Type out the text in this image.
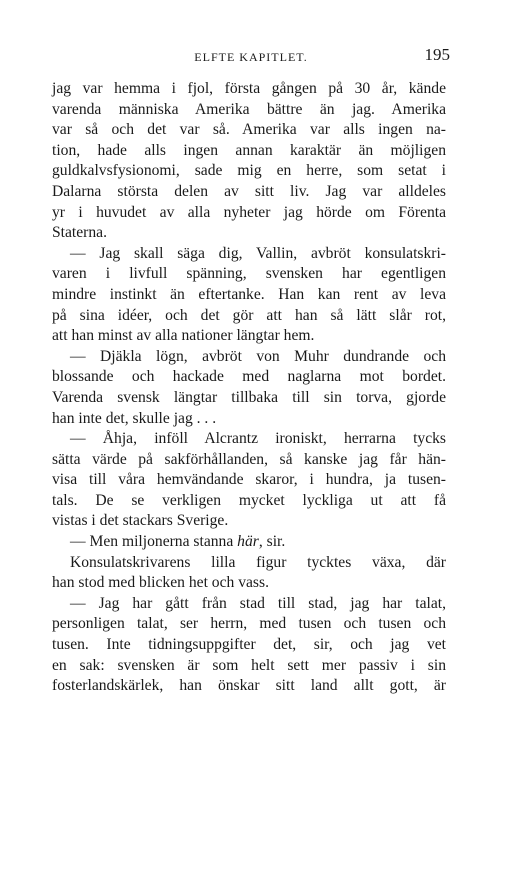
ELFTE KAPITLET.	195
jag var hemma i fjol, första gången på 30 år, kände
varenda människa Amerika bättre än jag. Amerika
var så och det var så. Amerika var alls ingen na-
tion, hade alls ingen annan karaktär än möjligen
guldkalvsfysionomi, sade mig en herre, som setat i
Dalarna största delen av sitt liv. Jag var alldeles
yr i huvudet av alla nyheter jag hörde om Förenta
Staterna.
— Jag skall säga dig, Vallin, avbröt konsulatskri-
varen i livfull spänning, svensken har egentligen
mindre instinkt än eftertanke. Han kan rent av leva
på sina idéer, och det gör att han så lätt slår rot,
att han minst av alla nationer längtar hem.
— Djäkla lögn, avbröt von Muhr dundrande och
blossande och hackade med naglarna mot bordet.
Varenda svensk längtar tillbaka till sin torva, gjorde
han inte det, skulle jag . . .
— Åhja, inföll Alcrantz ironiskt, herrarna tycks
sätta värde på sakförhållanden, så kanske jag får hän-
visa till våra hemvändande skaror, i hundra, ja tusen-
tals. De se verkligen mycket lyckliga ut att få
vistas i det stackars Sverige.
— Men miljonerna stanna här, sir.
Konsulatskrivarens lilla figur tycktes växa, där
han stod med blicken het och vass.
— Jag har gått från stad till stad, jag har talat,
personligen talat, ser herrn, med tusen och tusen och
tusen. Inte tidningsuppgifter det, sir, och jag vet
en sak: svensken är som helt sett mer passiv i sin
fosterlandskärlek, han önskar sitt land allt gott, är
